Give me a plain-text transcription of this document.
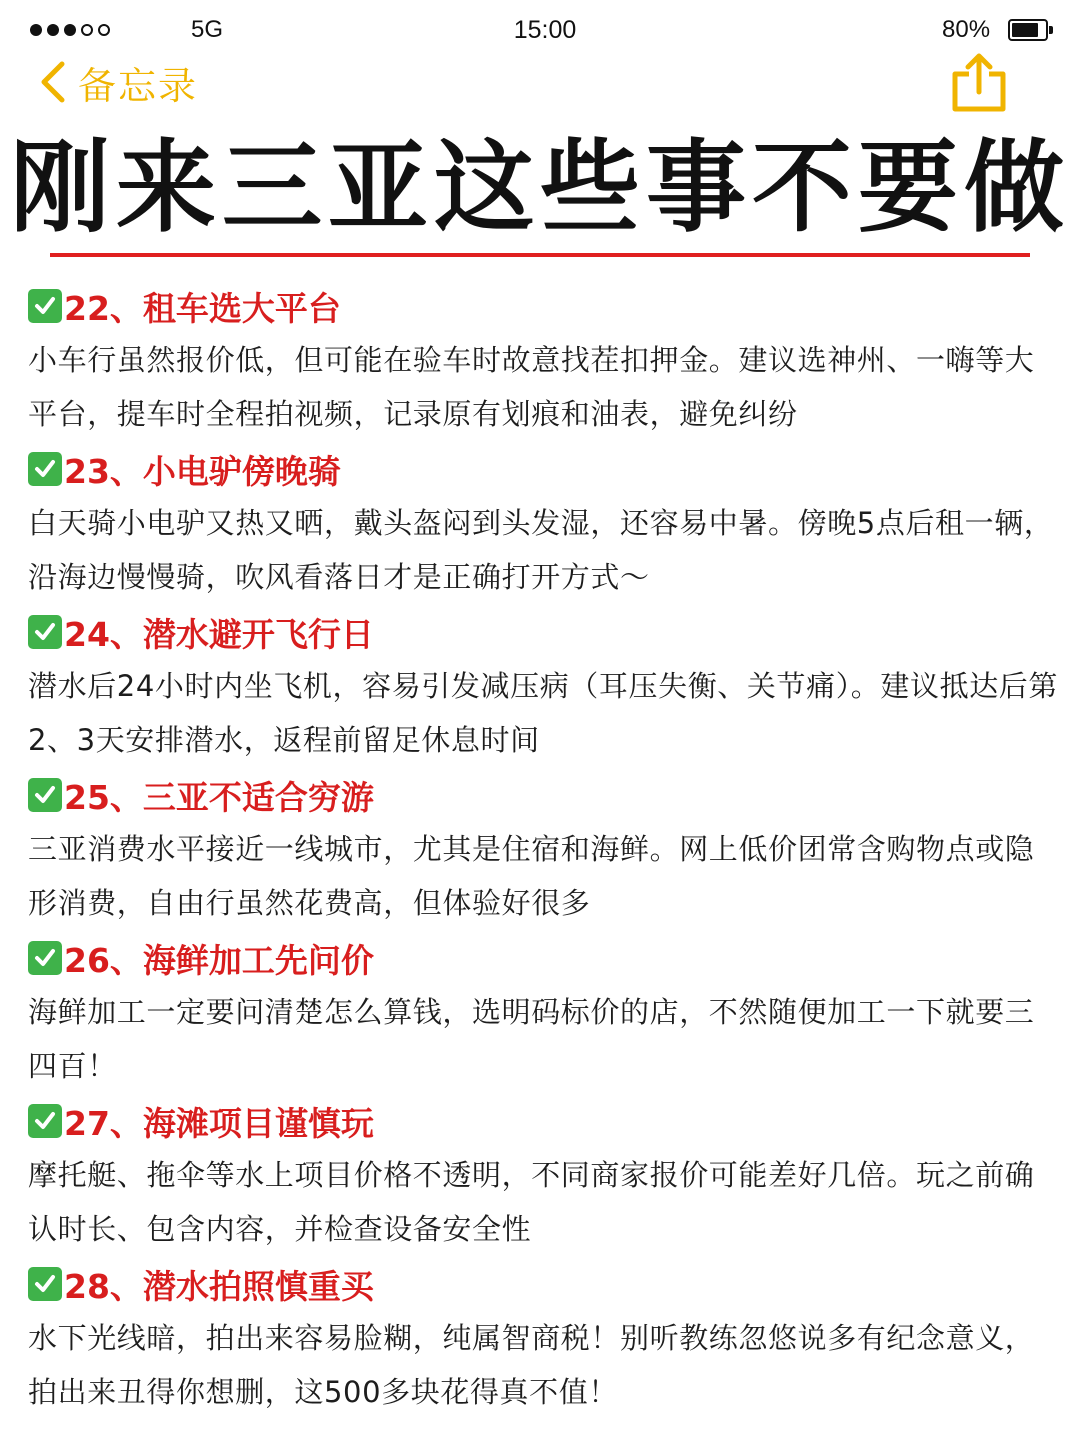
5G	15:00	80%
备忘录
刚来三亚这些事不要做
22、租车选大平台
小车行虽然报价低，但可能在验车时故意找茬扣押金。建议选神州、一嗨等大平台，提车时全程拍视频，记录原有划痕和油表，避免纠纷
23、小电驴傍晚骑
白天骑小电驴又热又晒，戴头盔闷到头发湿，还容易中暑。傍晚5点后租一辆，沿海边慢慢骑，吹风看落日才是正确打开方式～
24、潜水避开飞行日
潜水后24小时内坐飞机，容易引发减压病（耳压失衡、关节痛）。建议抵达后第2、3天安排潜水，返程前留足休息时间
25、三亚不适合穷游
三亚消费水平接近一线城市，尤其是住宿和海鲜。网上低价团常含购物点或隐形消费，自由行虽然花费高，但体验好很多
26、海鲜加工先问价
海鲜加工一定要问清楚怎么算钱，选明码标价的店，不然随便加工一下就要三四百！
27、海滩项目谨慎玩
摩托艇、拖伞等水上项目价格不透明，不同商家报价可能差好几倍。玩之前确认时长、包含内容，并检查设备安全性
28、潜水拍照慎重买
水下光线暗，拍出来容易脸糊，纯属智商税！别听教练忽悠说多有纪念意义，拍出来丑得你想删，这500多块花得真不值！
